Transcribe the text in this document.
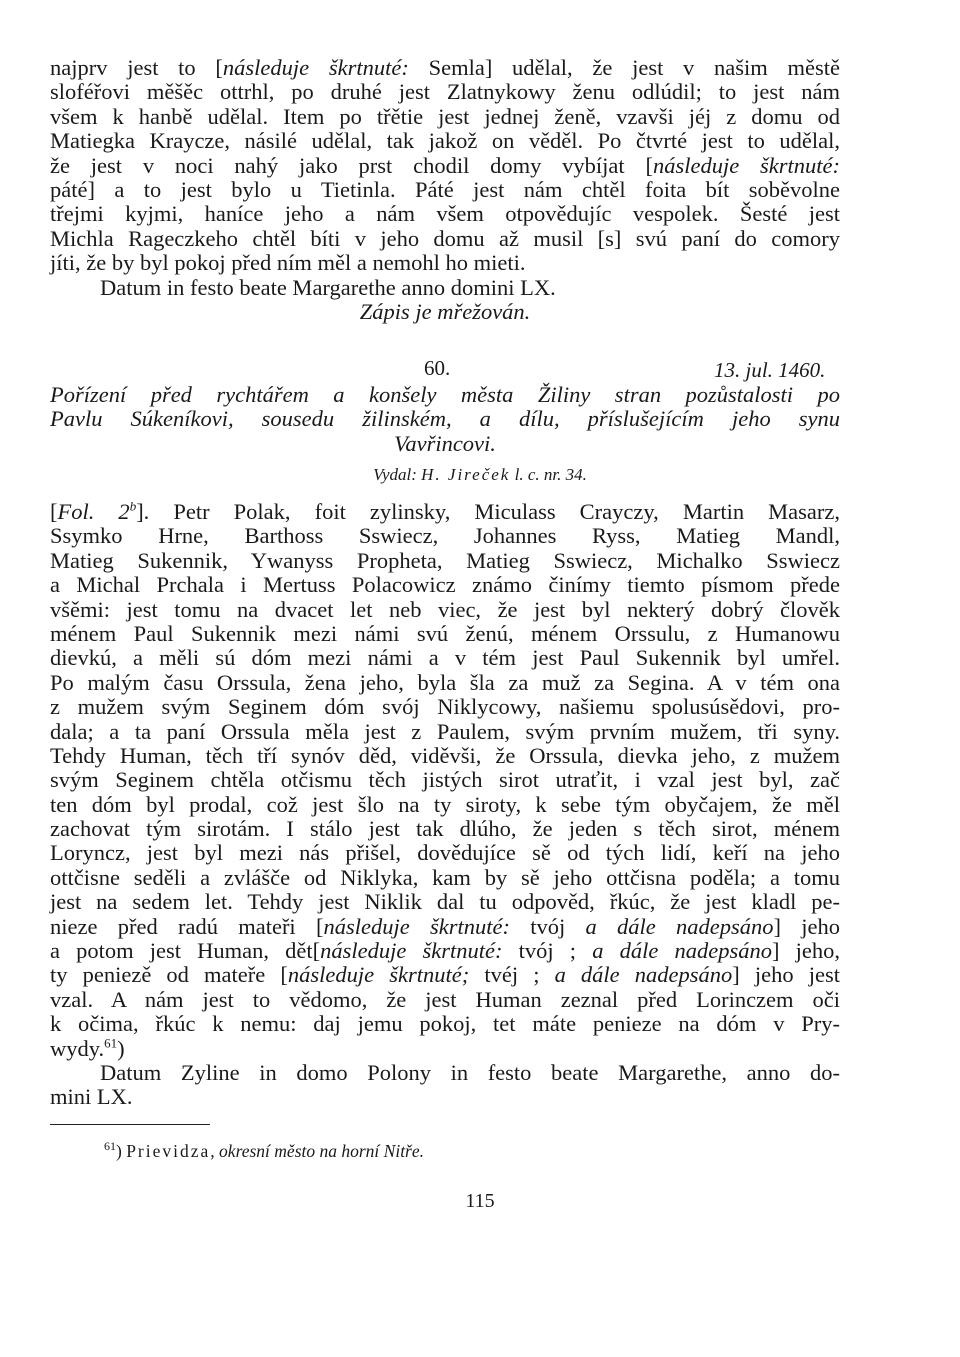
najprv jest to [následuje škrtnuté: Semla] udělal, že jest v našim městě
sloféřovi měšěc ottrhl, po druhé jest Zlatnykowy ženu odlúdil; to jest nám
všem k hanbě udělal. Item po třětie jest jednej ženě, vzavši jéj z domu od
Matiegka Kraycze, násilé udělal, tak jakož on věděl. Po čtvrté jest to udělal,
že jest v noci nahý jako prst chodil domy vybíjat [následuje škrtnuté:
páté] a to jest bylo u Tietinla. Páté jest nám chtěl foita bít soběvolne
třejmi kyjmi, haníce jeho a nám všem otpovědujíc vespolek. Šesté jest
Michla Rageczkeho chtěl bíti v jeho domu až musil [s] svú paní do comory
jíti, že by byl pokoj před ním měl a nemohl ho mieti.
Datum in festo beate Margarethe anno domini LX.
Zápis je mřežován.
60.	13. jul. 1460.
Pořízení před rychtářem a konšely města Žiliny stran pozůstalosti po
Pavlu Súkeníkovi, sousedu žilinském, a dílu, příslušejícím jeho synu
Vavřincovi.
Vydal: H. Jireček l. c. nr. 34.
[Fol. 2$^b$]. Petr Polak, foit zylinsky, Miculass Crayczy, Martin Masarz,
Ssymko Hrne, Barthoss Sswiecz, Johannes Ryss, Matieg Mandl,
Matieg Sukennik, Ywanyss Propheta, Matieg Sswiecz, Michalko Sswiecz
a Michal Prchala i Mertuss Polacowicz známo činímy tiemto písmom přede
všěmi: jest tomu na dvacet let neb viec, že jest byl nekterý dobrý člověk
ménem Paul Sukennik mezi námi svú ženú, ménem Orssulu, z Humanowu
dievkú, a měli sú dóm mezi námi a v tém jest Paul Sukennik byl umřel.
Po malým času Orssula, žena jeho, byla šla za muž za Segina. A v tém ona
z mužem svým Seginem dóm svój Niklycowy, našiemu spolusúsědovi, pro-
dala; a ta paní Orssula měla jest z Paulem, svým prvním mužem, tři syny.
Tehdy Human, těch tří synóv děd, viděvši, že Orssula, dievka jeho, z mužem
svým Seginem chtěla otčismu těch jistých sirot utraťit, i vzal jest byl, zač
ten dóm byl prodal, což jest šlo na ty siroty, k sebe tým obyčajem, že měl
zachovat tým sirotám. I stálo jest tak dlúho, že jeden s těch sirot, ménem
Loryncz, jest byl mezi nás přišel, dovědujíce sě od tých lidí, keří na jeho
ottčisne seděli a zvlášče od Niklyka, kam by sě jeho ottčisna poděla; a tomu
jest na sedem let. Tehdy jest Niklik dal tu odpověd, řkúc, že jest kladl pe-
nieze před radú mateři [následuje škrtnuté: tvój a dále nadepsáno] jeho
a potom jest Human, dět[následuje škrtnuté: tvój ; a dále nadepsáno] jeho,
ty peniezě od mateře [následuje škrtnuté; tvéj ; a dále nadepsáno] jeho jest
vzal. A nám jest to vědomo, že jest Human zeznal před Lorinczem oči
k očima, řkúc k nemu: daj jemu pokoj, tet máte penieze na dóm v Pry-
wydy.$^{61}$)
Datum Zyline in domo Polony in festo beate Margarethe, anno do-
mini LX.
$^{61}$) Prievidza, okresní město na horní Nitře.
115
